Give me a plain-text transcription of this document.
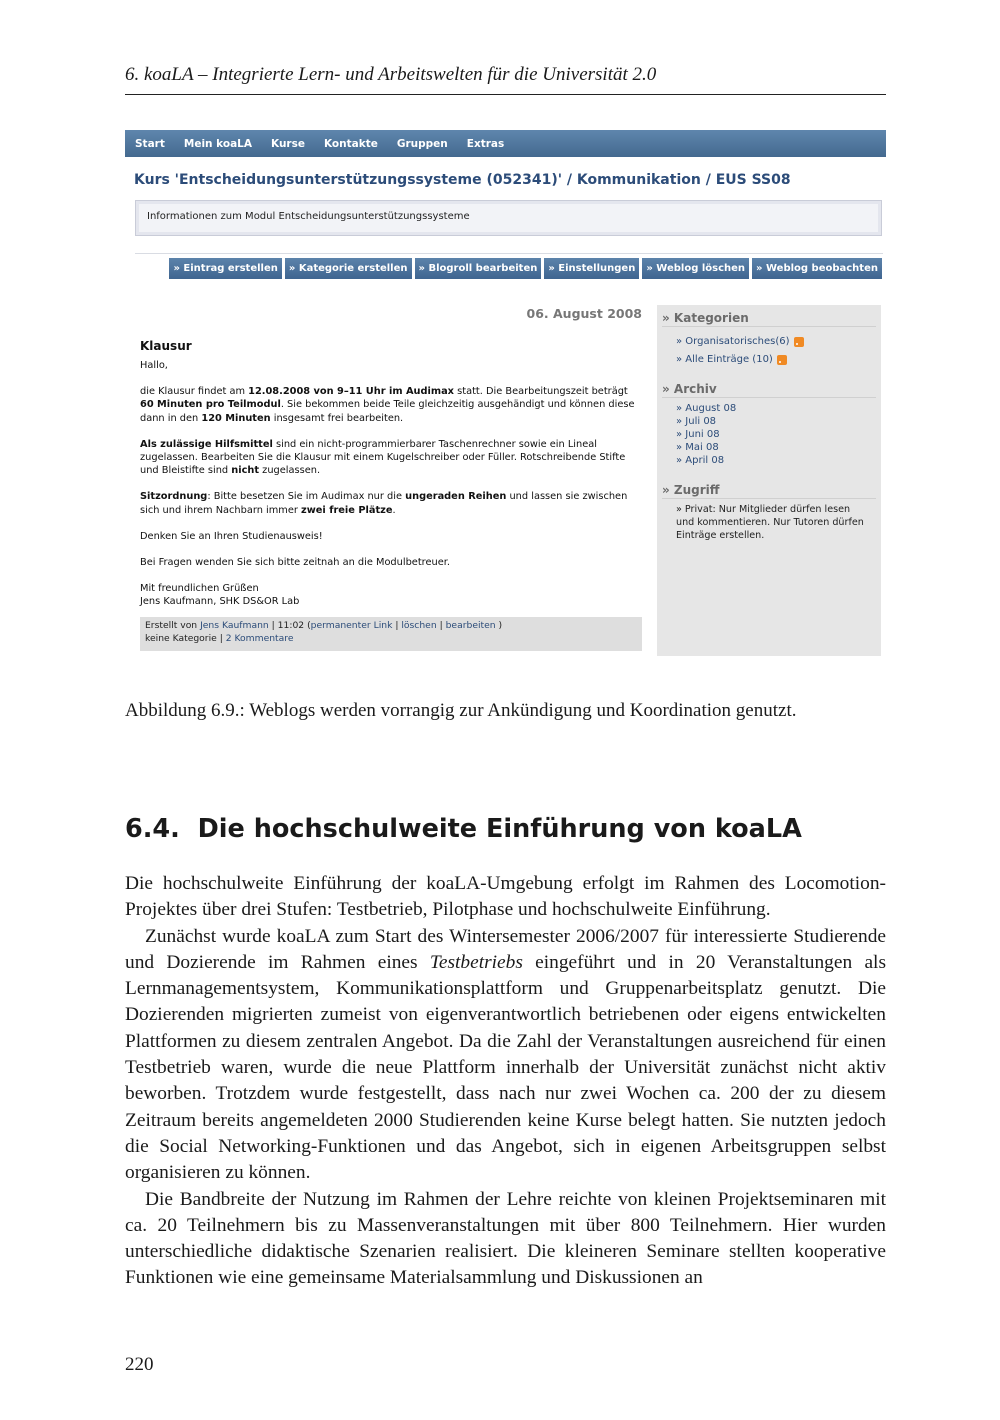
6. koaLA – Integrierte Lern- und Arbeitswelten für die Universität 2.0
Start Mein koaLA Kurse Kontakte Gruppen Extras
Kurs 'Entscheidungsunterstützungssysteme (052341)' / Kommunikation / EUS SS08
Informationen zum Modul Entscheidungsunterstützungssysteme
» Eintrag erstellen	» Kategorie erstellen	» Blogroll bearbeiten	» Einstellungen	» Weblog löschen	» Weblog beobachten
06. August 2008
Klausur

Hallo,

die Klausur findet am 12.08.2008 von 9–11 Uhr im Audimax statt. Die Bearbeitungszeit beträgt 60 Minuten pro Teilmodul. Sie bekommen beide Teile gleichzeitig ausgehändigt und können diese dann in den 120 Minuten insgesamt frei bearbeiten.

Als zulässige Hilfsmittel sind ein nicht-programmierbarer Taschenrechner sowie ein Lineal zugelassen. Bearbeiten Sie die Klausur mit einem Kugelschreiber oder Füller. Rotschreibende Stifte und Bleistifte sind nicht zugelassen.

Sitzordnung: Bitte besetzen Sie im Audimax nur die ungeraden Reihen und lassen sie zwischen sich und ihrem Nachbarn immer zwei freie Plätze.

Denken Sie an Ihren Studienausweis!

Bei Fragen wenden Sie sich bitte zeitnah an die Modulbetreuer.

Mit freundlichen Grüßen
Jens Kaufmann, SHK DS&OR Lab

Erstellt von Jens Kaufmann | 11:02 (permanenter Link | löschen | bearbeiten )
keine Kategorie | 2 Kommentare
» Kategorien
» Organisatorisches(6)
» Alle Einträge (10)
» Archiv
» August 08
» Juli 08
» Juni 08
» Mai 08
» April 08
» Zugriff
» Privat: Nur Mitglieder dürfen lesen und kommentieren. Nur Tutoren dürfen Einträge erstellen.
Abbildung 6.9.: Weblogs werden vorrangig zur Ankündigung und Koordination genutzt.
6.4. Die hochschulweite Einführung von koaLA

Die hochschulweite Einführung der koaLA-Umgebung erfolgt im Rahmen des Locomotion-Projektes über drei Stufen: Testbetrieb, Pilotphase und hochschulweite Einführung.

Zunächst wurde koaLA zum Start des Wintersemester 2006/2007 für interessierte Studierende und Dozierende im Rahmen eines Testbetriebs eingeführt und in 20 Veranstaltungen als Lernmanagementsystem, Kommunikationsplattform und Gruppenarbeitsplatz genutzt. Die Dozierenden migrierten zumeist von eigenverantwortlich betriebenen oder eigens entwickelten Plattformen zu diesem zentralen Angebot. Da die Zahl der Veranstaltungen ausreichend für einen Testbetrieb waren, wurde die neue Plattform innerhalb der Universität zunächst nicht aktiv beworben. Trotzdem wurde festgestellt, dass nach nur zwei Wochen ca. 200 der zu diesem Zeitraum bereits angemeldeten 2000 Studierenden keine Kurse belegt hatten. Sie nutzten jedoch die Social Networking-Funktionen und das Angebot, sich in eigenen Arbeitsgruppen selbst organisieren zu können.

Die Bandbreite der Nutzung im Rahmen der Lehre reichte von kleinen Projektseminaren mit ca. 20 Teilnehmern bis zu Massenveranstaltungen mit über 800 Teilnehmern. Hier wurden unterschiedliche didaktische Szenarien realisiert. Die kleineren Seminare stellten kooperative Funktionen wie eine gemeinsame Materialsammlung und Diskussionen an

220
